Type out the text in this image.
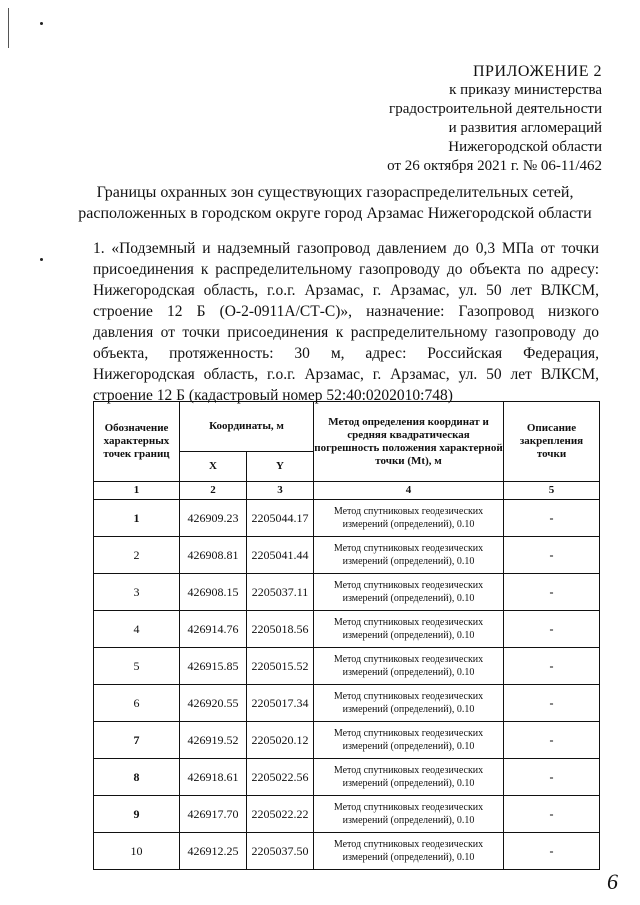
ПРИЛОЖЕНИЕ 2
к приказу министерства
градостроительной деятельности
и развития агломераций
Нижегородской области
от 26 октября 2021 г. № 06-11/462
Границы охранных зон существующих газораспределительных сетей,
расположенных в городском округе город Арзамас Нижегородской области
1. «Подземный и надземный газопровод давлением до 0,3 МПа от точки присоединения к распределительному газопроводу до объекта по адресу: Нижегородская область, г.о.г. Арзамас, г. Арзамас, ул. 50 лет ВЛКСМ, строение 12 Б (О-2-0911А/СТ-С)», назначение: Газопровод низкого давления от точки присоединения к распределительному газопроводу до объекта, протяженность: 30 м, адрес: Российская Федерация, Нижегородская область, г.о.г. Арзамас, г. Арзамас, ул. 50 лет ВЛКСМ, строение 12 Б (кадастровый номер 52:40:0202010:748)
Обозначение характерных точек границ	Координаты, м		Метод определения координат и средняя квадратическая погрешность положения характерной точки (Mt), м	Описание закрепления точки
	X	Y		
1	2	3	4	5
1	426909.23	2205044.17	Метод спутниковых геодезических измерений (определений), 0.10	-
2	426908.81	2205041.44	Метод спутниковых геодезических измерений (определений), 0.10	-
3	426908.15	2205037.11	Метод спутниковых геодезических измерений (определений), 0.10	-
4	426914.76	2205018.56	Метод спутниковых геодезических измерений (определений), 0.10	-
5	426915.85	2205015.52	Метод спутниковых геодезических измерений (определений), 0.10	-
6	426920.55	2205017.34	Метод спутниковых геодезических измерений (определений), 0.10	-
7	426919.52	2205020.12	Метод спутниковых геодезических измерений (определений), 0.10	-
8	426918.61	2205022.56	Метод спутниковых геодезических измерений (определений), 0.10	-
9	426917.70	2205022.22	Метод спутниковых геодезических измерений (определений), 0.10	-
10	426912.25	2205037.50	Метод спутниковых геодезических измерений (определений), 0.10	-
6
